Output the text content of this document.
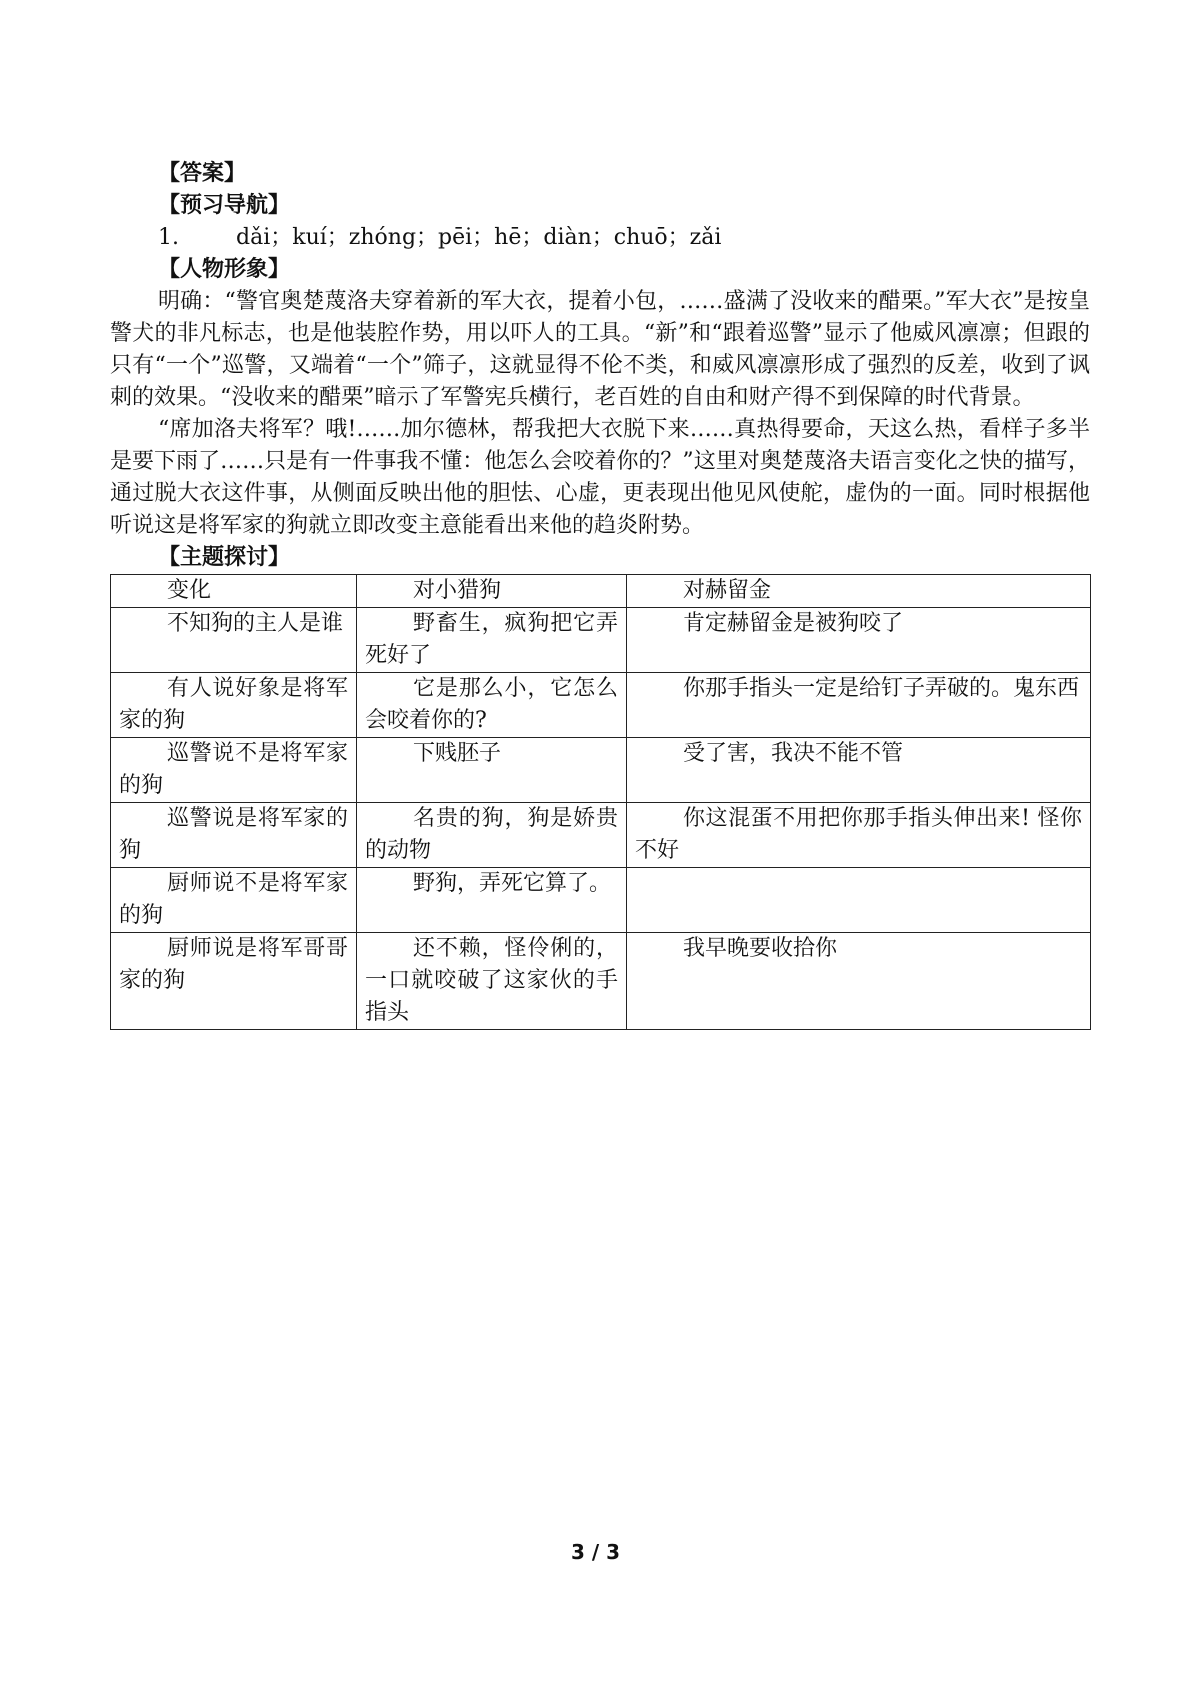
【答案】
【预习导航】
1.	dǎi；kuí；zhóng；pēi；hē；diàn；chuō；zǎi
【人物形象】

明确：“警官奥楚蔑洛夫穿着新的军大衣，提着小包，……盛满了没收来的醋栗。”军大衣”是按皇警犬的非凡标志，也是他装腔作势，用以吓人的工具。“新”和“跟着巡警”显示了他威风凛凛；但跟的只有“一个”巡警，又端着“一个”筛子，这就显得不伦不类，和威风凛凛形成了强烈的反差，收到了讽刺的效果。“没收来的醋栗”暗示了军警宪兵横行，老百姓的自由和财产得不到保障的时代背景。

“席加洛夫将军？哦!……加尔德林，帮我把大衣脱下来……真热得要命，天这么热，看样子多半是要下雨了……只是有一件事我不懂：他怎么会咬着你的？”这里对奥楚蔑洛夫语言变化之快的描写，通过脱大衣这件事，从侧面反映出他的胆怯、心虚，更表现出他见风使舵，虚伪的一面。同时根据他听说这是将军家的狗就立即改变主意能看出来他的趋炎附势。

【主题探讨】
变化	对小猎狗	对赫留金
不知狗的主人是谁	野畜生，疯狗把它弄死好了	肯定赫留金是被狗咬了
有人说好象是将军家的狗	它是那么小，它怎么会咬着你的?	你那手指头一定是给钉子弄破的。鬼东西
巡警说不是将军家的狗	下贱胚子	受了害，我决不能不管
巡警说是将军家的狗	名贵的狗，狗是娇贵的动物	你这混蛋不用把你那手指头伸出来! 怪你不好
厨师说不是将军家的狗	野狗，弄死它算了。	
厨师说是将军哥哥家的狗	还不赖，怪伶俐的，一口就咬破了这家伙的手指头	我早晚要收拾你
3 / 3
